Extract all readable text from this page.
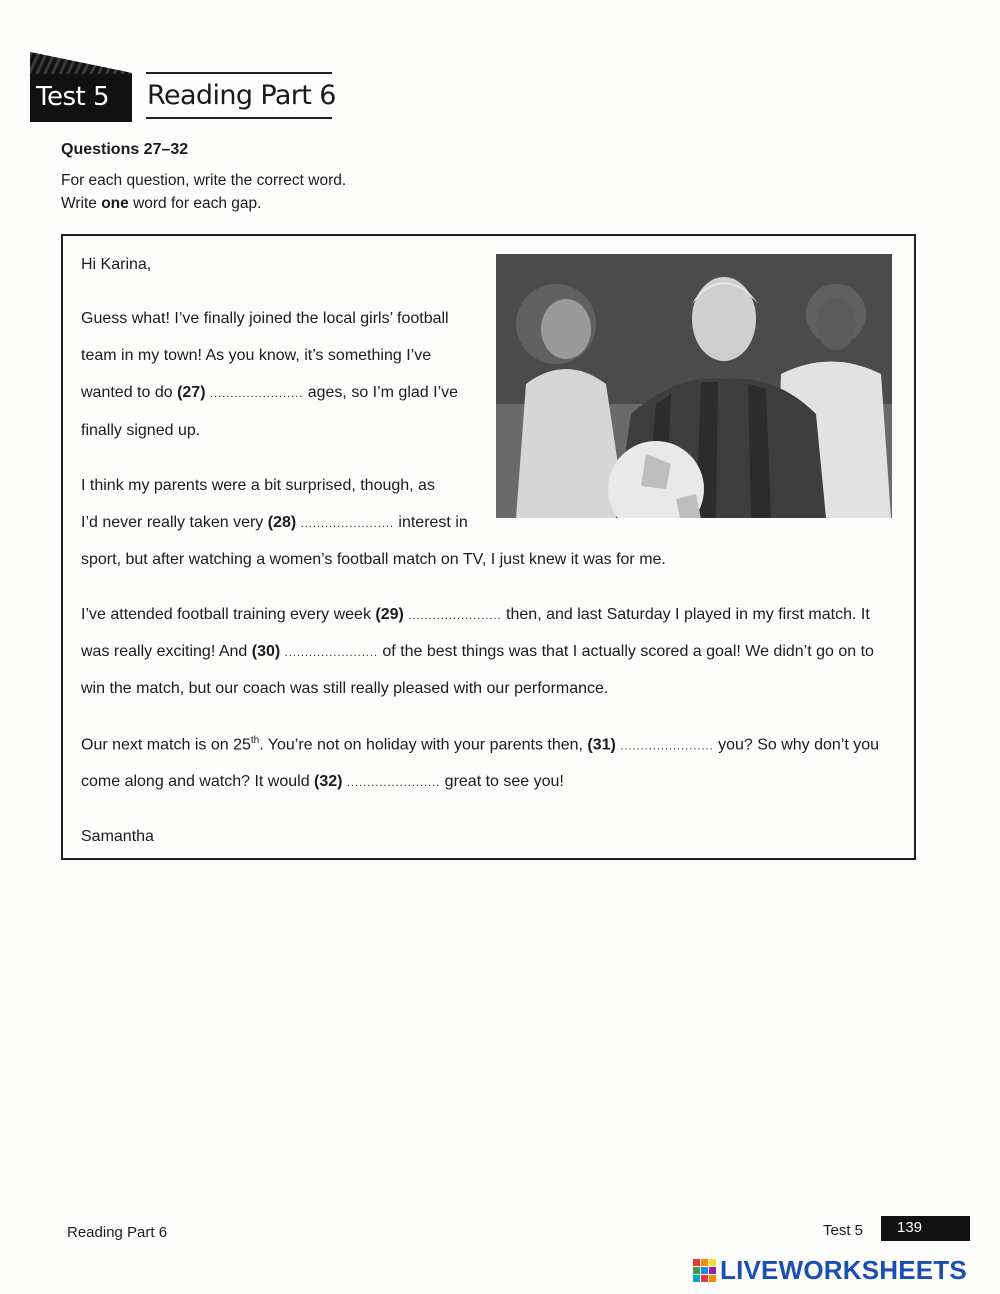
Test 5 Reading Part 6
Questions 27–32
For each question, write the correct word.
Write one word for each gap.
Hi Karina,
Guess what! I’ve finally joined the local girls’ football
team in my town! As you know, it’s something I’ve
wanted to do (27) ....................... ages, so I’m glad I’ve
finally signed up.
I think my parents were a bit surprised, though, as
I’d never really taken very (28) ....................... interest in
sport, but after watching a women’s football match on TV, I just knew it was for me.
I’ve attended football training every week (29) ....................... then, and last Saturday I played in my first match. It
was really exciting! And (30) ....................... of the best things was that I actually scored a goal! We didn’t go on to
win the match, but our coach was still really pleased with our performance.
Our next match is on 25th. You’re not on holiday with your parents then, (31) ....................... you? So why don’t you
come along and watch? It would (32) ....................... great to see you!
Samantha
Reading Part 6	Test 5	139
LIVEWORKSHEETS
